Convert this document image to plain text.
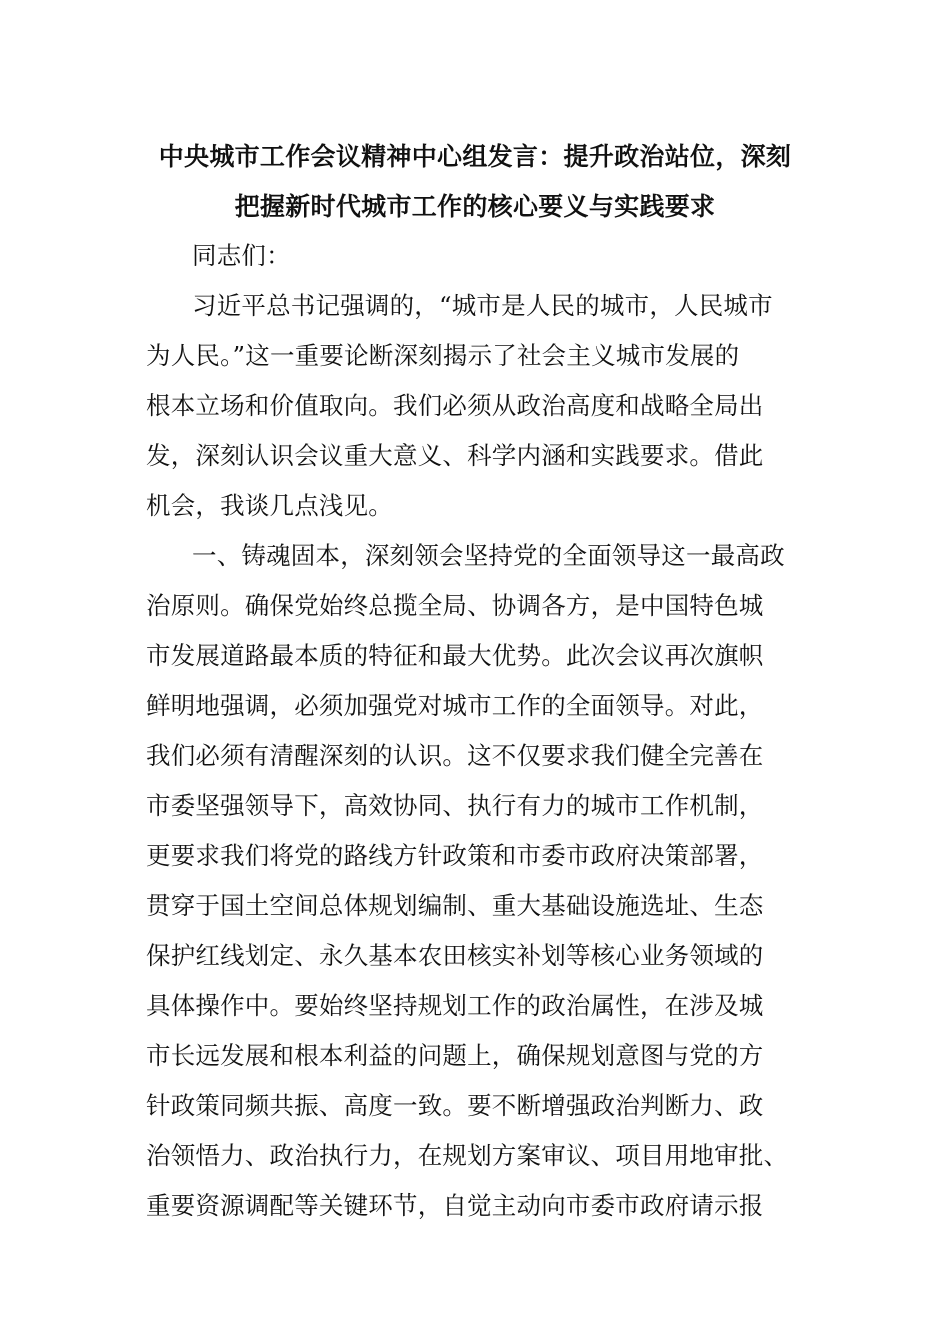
中央城市工作会议精神中心组发言：提升政治站位，深刻
把握新时代城市工作的核心要义与实践要求
同志们：
习近平总书记强调的，“城市是人民的城市，人民城市
为人民。”这一重要论断深刻揭示了社会主义城市发展的
根本立场和价值取向。我们必须从政治高度和战略全局出
发，深刻认识会议重大意义、科学内涵和实践要求。借此
机会，我谈几点浅见。
一、铸魂固本，深刻领会坚持党的全面领导这一最高政
治原则。确保党始终总揽全局、协调各方，是中国特色城
市发展道路最本质的特征和最大优势。此次会议再次旗帜
鲜明地强调，必须加强党对城市工作的全面领导。对此，
我们必须有清醒深刻的认识。这不仅要求我们健全完善在
市委坚强领导下，高效协同、执行有力的城市工作机制，
更要求我们将党的路线方针政策和市委市政府决策部署，
贯穿于国土空间总体规划编制、重大基础设施选址、生态
保护红线划定、永久基本农田核实补划等核心业务领域的
具体操作中。要始终坚持规划工作的政治属性，在涉及城
市长远发展和根本利益的问题上，确保规划意图与党的方
针政策同频共振、高度一致。要不断增强政治判断力、政
治领悟力、政治执行力，在规划方案审议、项目用地审批、
重要资源调配等关键环节，自觉主动向市委市政府请示报
